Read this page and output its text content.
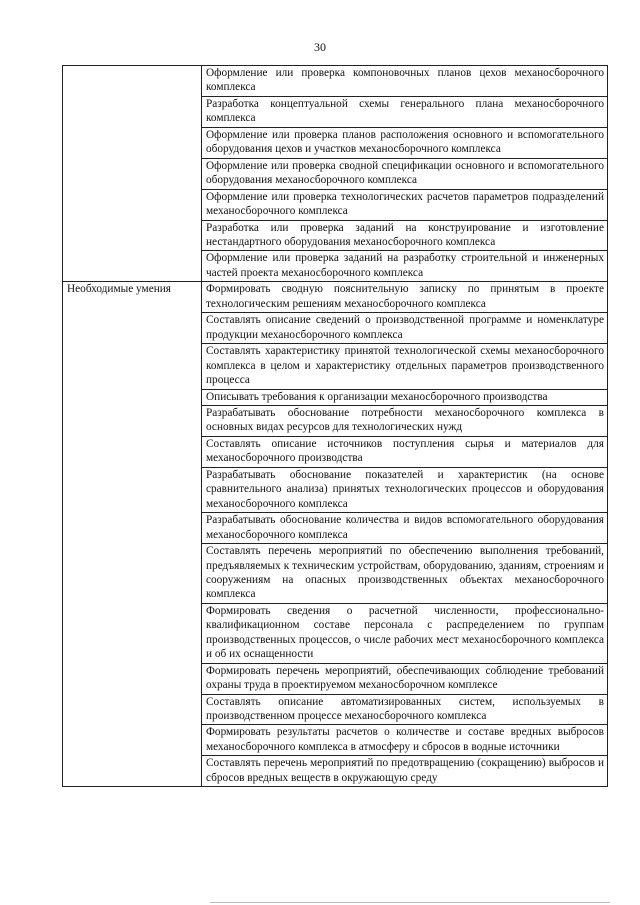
30

	Оформление или проверка компоновочных планов цехов механосборочного комплекса

	Разработка концептуальной схемы генерального плана механосборочного комплекса

	Оформление или проверка планов расположения основного и вспомогательного оборудования цехов и участков механосборочного комплекса

	Оформление или проверка сводной спецификации основного и вспомогательного оборудования механосборочного комплекса

	Оформление или проверка технологических расчетов параметров подразделений механосборочного комплекса

	Разработка или проверка заданий на конструирование и изготовление нестандартного оборудования механосборочного комплекса

	Оформление или проверка заданий на разработку строительной и инженерных частей проекта механосборочного комплекса

Необходимые умения	Формировать сводную пояснительную записку по принятым в проекте технологическим решениям механосборочного комплекса

	Составлять описание сведений о производственной программе и номенклатуре продукции механосборочного комплекса

	Составлять характеристику принятой технологической схемы механосборочного комплекса в целом и характеристику отдельных параметров производственного процесса

	Описывать требования к организации механосборочного производства

	Разрабатывать обоснование потребности механосборочного комплекса в основных видах ресурсов для технологических нужд

	Составлять описание источников поступления сырья и материалов для механосборочного производства

	Разрабатывать обоснование показателей и характеристик (на основе сравнительного анализа) принятых технологических процессов и оборудования механосборочного комплекса

	Разрабатывать обоснование количества и видов вспомогательного оборудования механосборочного комплекса

	Составлять перечень мероприятий по обеспечению выполнения требований, предъявляемых к техническим устройствам, оборудованию, зданиям, строениям и сооружениям на опасных производственных объектах механосборочного комплекса

	Формировать сведения о расчетной численности, профессионально-квалификационном составе персонала с распределением по группам производственных процессов, о числе рабочих мест механосборочного комплекса и об их оснащенности

	Формировать перечень мероприятий, обеспечивающих соблюдение требований охраны труда в проектируемом механосборочном комплексе

	Составлять описание автоматизированных систем, используемых в производственном процессе механосборочного комплекса

	Формировать результаты расчетов о количестве и составе вредных выбросов механосборочного комплекса в атмосферу и сбросов в водные источники

	Составлять перечень мероприятий по предотвращению (сокращению) выбросов и сбросов вредных веществ в окружающую среду
